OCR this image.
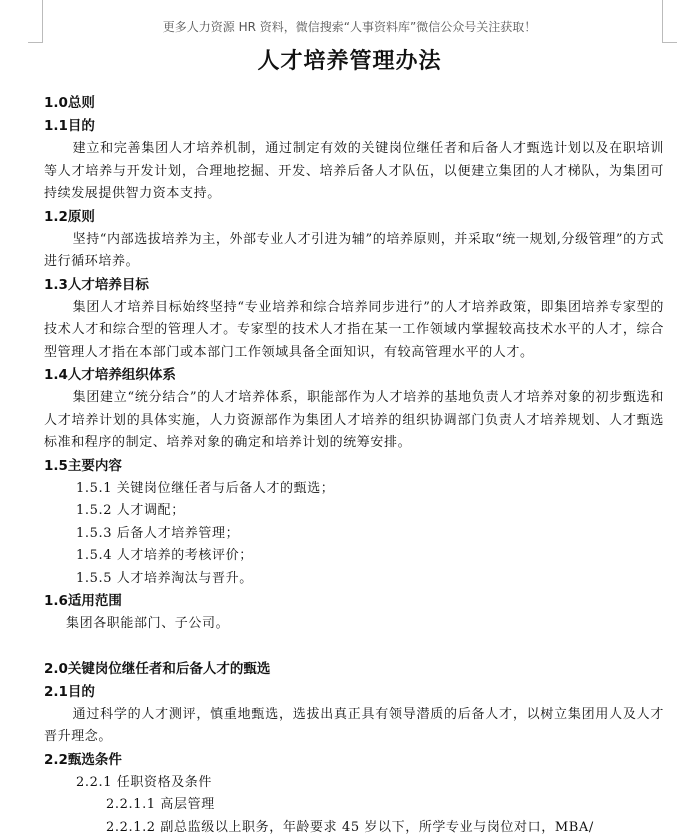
更多人力资源 HR 资料，微信搜索“人事资料库”微信公众号关注获取！
人才培养管理办法
1.0总则
1.1目的
建立和完善集团人才培养机制，通过制定有效的关键岗位继任者和后备人才甄选计划以及在职培训等人才培养与开发计划，合理地挖掘、开发、培养后备人才队伍，以便建立集团的人才梯队，为集团可持续发展提供智力资本支持。
1.2原则
坚持“内部选拔培养为主，外部专业人才引进为辅”的培养原则，并采取“统一规划,分级管理”的方式进行循环培养。
1.3人才培养目标
集团人才培养目标始终坚持“专业培养和综合培养同步进行”的人才培养政策，即集团培养专家型的技术人才和综合型的管理人才。专家型的技术人才指在某一工作领域内掌握较高技术水平的人才，综合型管理人才指在本部门或本部门工作领域具备全面知识，有较高管理水平的人才。
1.4人才培养组织体系
集团建立“统分结合”的人才培养体系，职能部作为人才培养的基地负责人才培养对象的初步甄选和人才培养计划的具体实施，人力资源部作为集团人才培养的组织协调部门负责人才培养规划、人才甄选标准和程序的制定、培养对象的确定和培养计划的统筹安排。
1.5主要内容
1.5.1 关键岗位继任者与后备人才的甄选；
1.5.2 人才调配；
1.5.3 后备人才培养管理；
1.5.4 人才培养的考核评价；
1.5.5 人才培养淘汰与晋升。
1.6适用范围
集团各职能部门、子公司。
2.0关键岗位继任者和后备人才的甄选
2.1目的
通过科学的人才测评，慎重地甄选，选拔出真正具有领导潜质的后备人才，以树立集团用人及人才晋升理念。
2.2甄选条件
2.2.1 任职资格及条件
2.2.1.1 高层管理
2.2.1.2 副总监级以上职务，年龄要求 45 岁以下，所学专业与岗位对口，MBA/
